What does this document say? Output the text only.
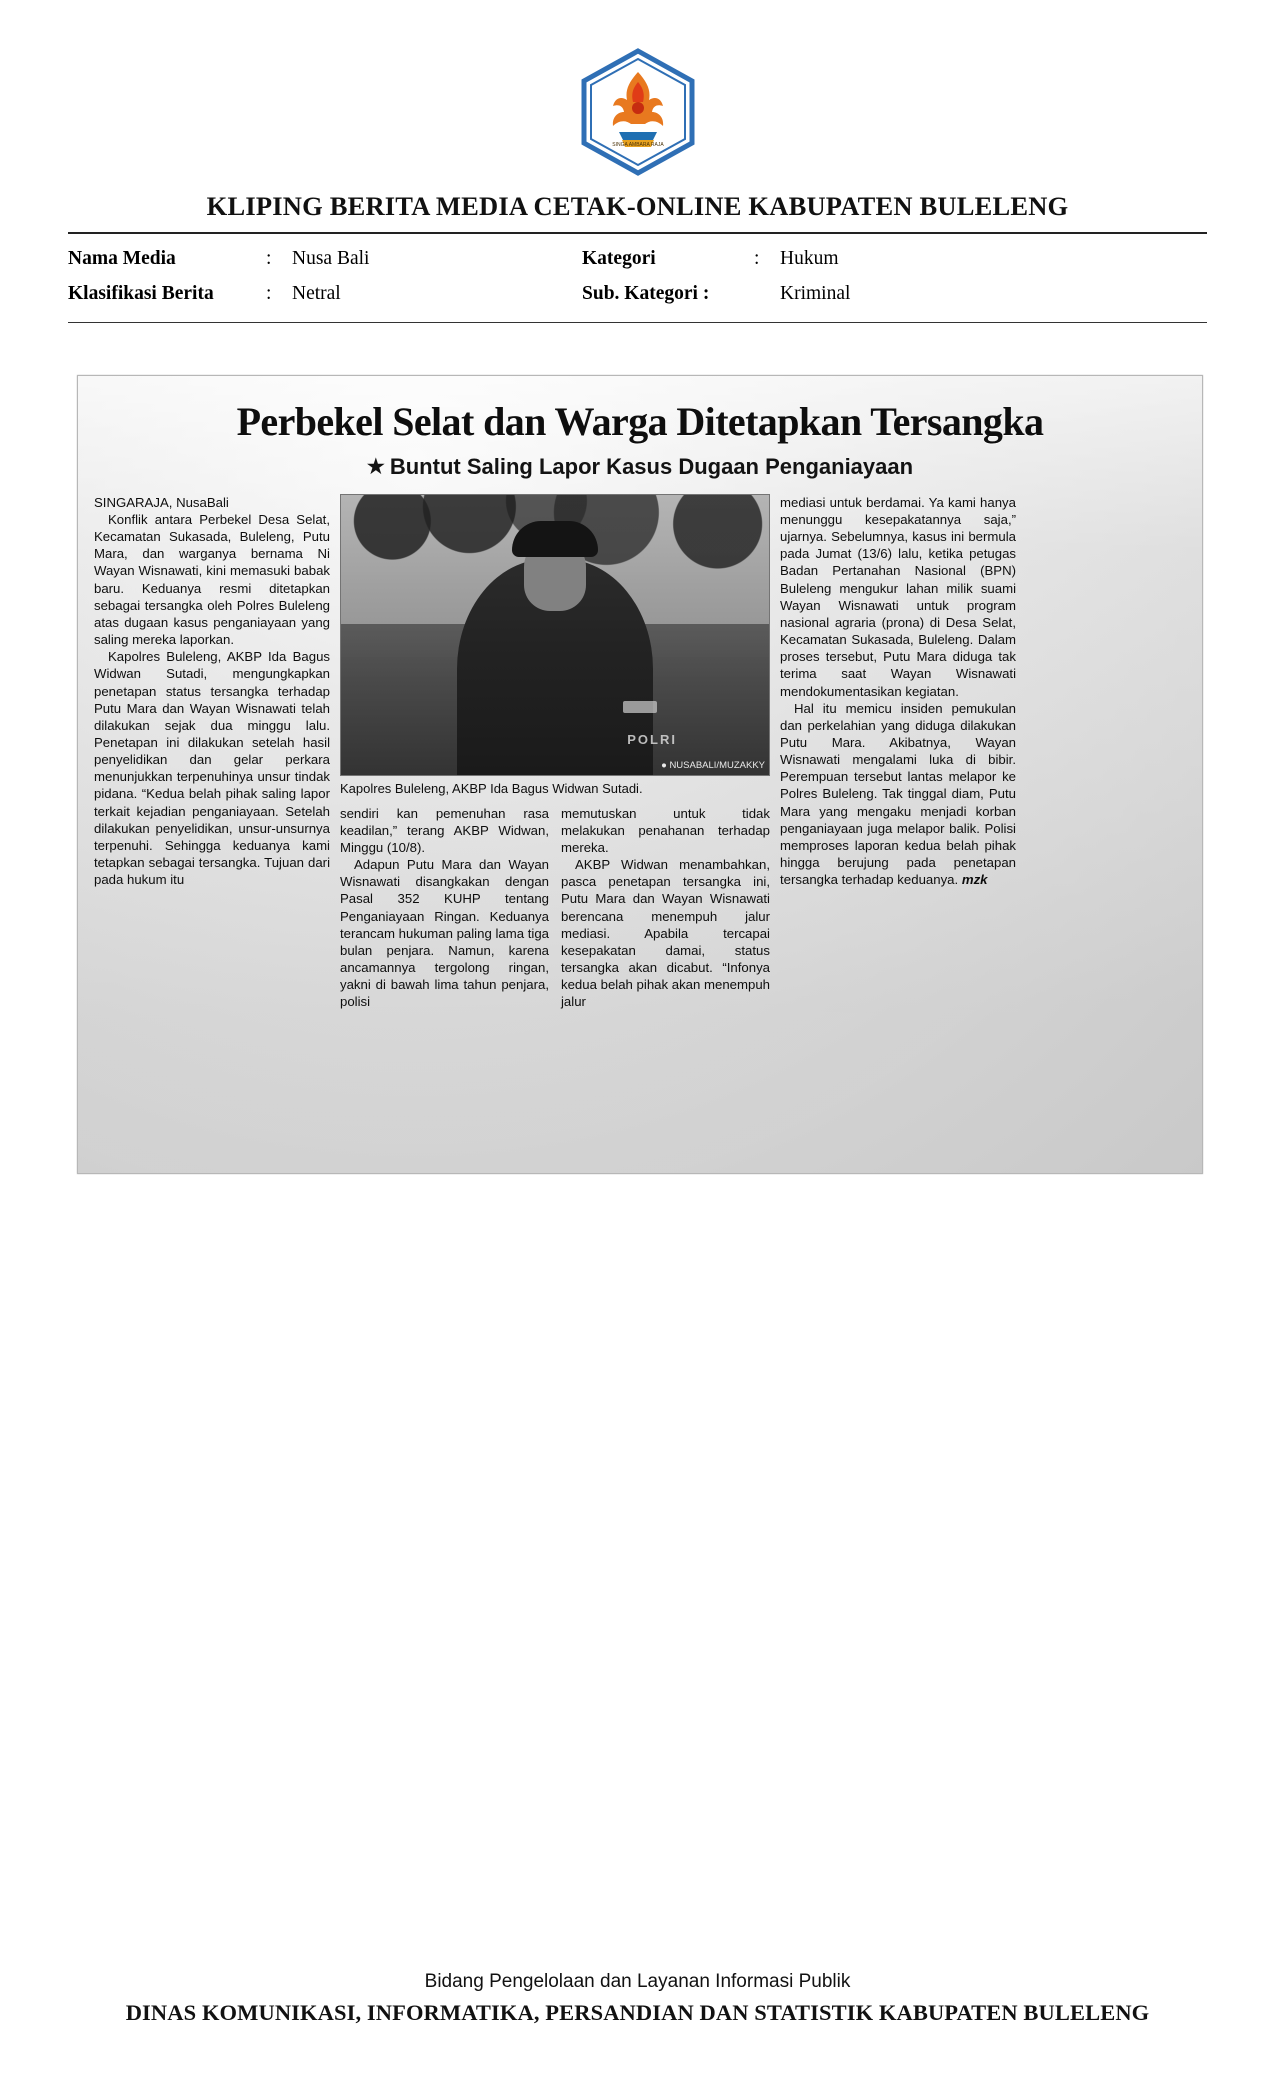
SINGA AMBARA RAJA
KLIPING BERITA MEDIA CETAK-ONLINE KABUPATEN BULELENG
Nama Media	:	Nusa Bali	Kategori	:	Hukum
Klasifikasi Berita	:	Netral	Sub. Kategori :		Kriminal
Perbekel Selat dan Warga Ditetapkan Tersangka
★ Buntut Saling Lapor Kasus Dugaan Penganiayaan

SINGARAJA, NusaBali

Konflik antara Perbekel Desa Selat, Kecamatan Sukasada, Buleleng, Putu Mara, dan warganya bernama Ni Wayan Wisnawati, kini memasuki babak baru. Keduanya resmi ditetapkan sebagai tersangka oleh Polres Buleleng atas dugaan kasus penganiayaan yang saling mereka laporkan.

Kapolres Buleleng, AKBP Ida Bagus Widwan Sutadi, mengungkapkan penetapan status tersangka terhadap Putu Mara dan Wayan Wisnawati telah dilakukan sejak dua minggu lalu. Penetapan ini dilakukan setelah hasil penyelidikan dan gelar perkara menunjukkan terpenuhinya unsur tindak pidana. “Kedua belah pihak saling lapor terkait kejadian penganiayaan. Setelah dilakukan penyelidikan, unsur-unsurnya terpenuhi. Sehingga keduanya kami tetapkan sebagai tersangka. Tujuan dari pada hukum itu

POLRI
● NUSABALI/MUZAKKY
Kapolres Buleleng, AKBP Ida Bagus Widwan Sutadi.

sendiri kan pemenuhan rasa keadilan,” terang AKBP Widwan, Minggu (10/8).

Adapun Putu Mara dan Wayan Wisnawati disangkakan dengan Pasal 352 KUHP tentang Penganiayaan Ringan. Keduanya terancam hukuman paling lama tiga bulan penjara. Namun, karena ancamannya tergolong ringan, yakni di bawah lima tahun penjara, polisi

memutuskan untuk tidak melakukan penahanan terhadap mereka.

AKBP Widwan menambahkan, pasca penetapan tersangka ini, Putu Mara dan Wayan Wisnawati berencana menempuh jalur mediasi. Apabila tercapai kesepakatan damai, status tersangka akan dicabut. “Infonya kedua belah pihak akan menempuh jalur

mediasi untuk berdamai. Ya kami hanya menunggu kesepakatannya saja,” ujarnya. Sebelumnya, kasus ini bermula pada Jumat (13/6) lalu, ketika petugas Badan Pertanahan Nasional (BPN) Buleleng mengukur lahan milik suami Wayan Wisnawati untuk program nasional agraria (prona) di Desa Selat, Kecamatan Sukasada, Buleleng. Dalam proses tersebut, Putu Mara diduga tak terima saat Wayan Wisnawati mendokumentasikan kegiatan.

Hal itu memicu insiden pemukulan dan perkelahian yang diduga dilakukan Putu Mara. Akibatnya, Wayan Wisnawati mengalami luka di bibir. Perempuan tersebut lantas melapor ke Polres Buleleng. Tak tinggal diam, Putu Mara yang mengaku menjadi korban penganiayaan juga melapor balik. Polisi memproses laporan kedua belah pihak hingga berujung pada penetapan tersangka terhadap keduanya. mzk

Bidang Pengelolaan dan Layanan Informasi Publik
DINAS KOMUNIKASI, INFORMATIKA, PERSANDIAN DAN STATISTIK KABUPATEN BULELENG
